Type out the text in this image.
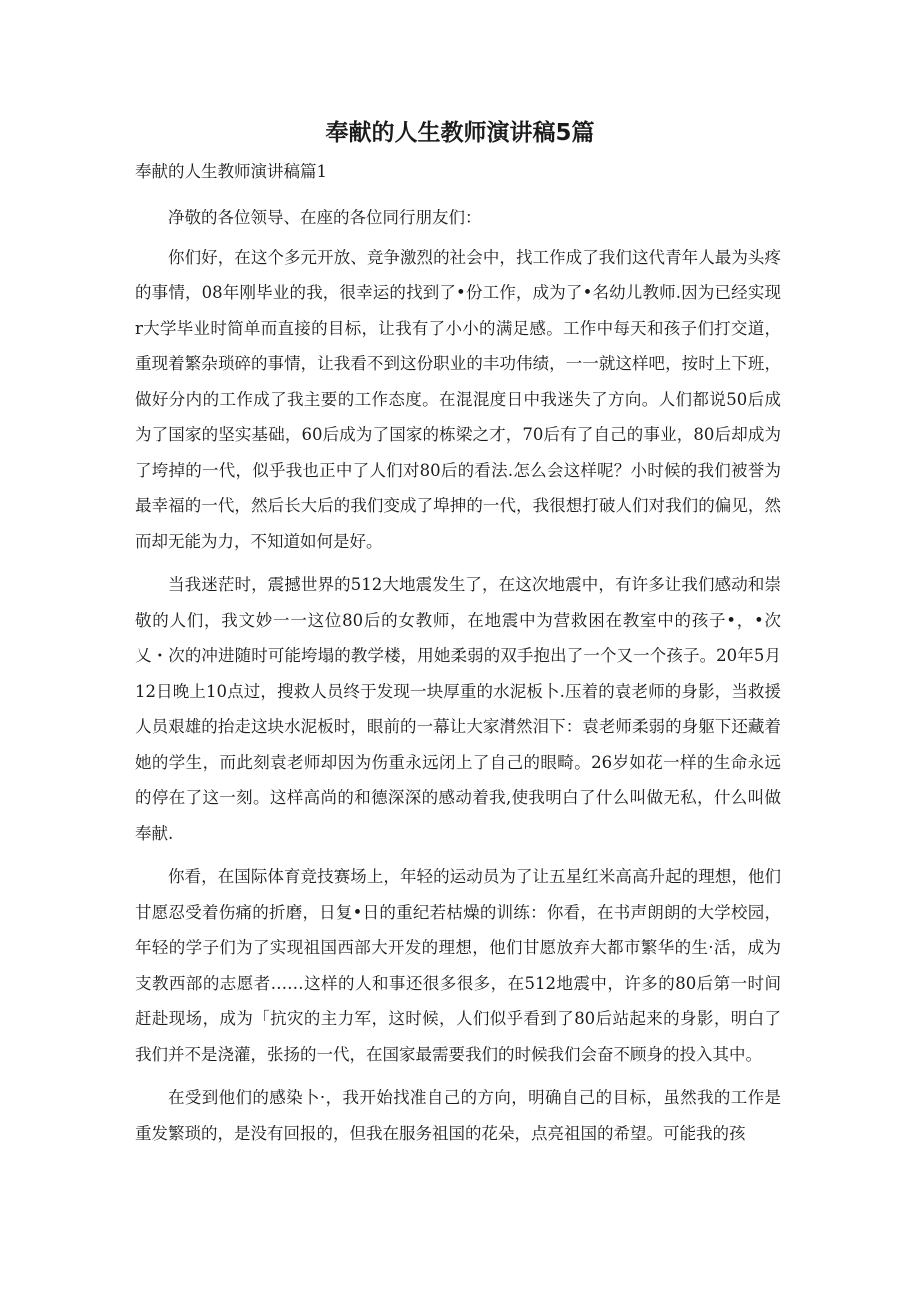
奉献的人生教师演讲稿5篇
奉献的人生教师演讲稿篇1

净敬的各位领导、在座的各位同行朋友们：

你们好，在这个多元开放、竞争激烈的社会中，找工作成了我们这代青年人最为头疼的事情，08年刚毕业的我，很幸运的找到了•份工作，成为了•名幼儿教师.因为已经实现r大学毕业时简单而直接的目标，让我有了小小的满足感。工作中每天和孩子们打交道，重现着繁杂琐碎的事情，让我看不到这份职业的丰功伟绩，一一就这样吧，按时上下班，做好分内的工作成了我主要的工作态度。在混混度日中我迷失了方向。人们都说50后成为了国家的坚实基础，60后成为了国家的栋梁之才，70后有了自己的事业，80后却成为了垮掉的一代，似乎我也正中了人们对80后的看法.怎么会这样呢？小时候的我们被誉为最幸福的一代，然后长大后的我们变成了埠抻的一代，我很想打破人们对我们的偏见，然而却无能为力，不知道如何是好。

当我迷茫时，震撼世界的512大地震发生了，在这次地震中，有许多让我们感动和崇敬的人们，我文妙一一这位80后的女教师，在地震中为营救困在教室中的孩子•，•次乂・次的冲进随时可能垮塌的教学楼，用她柔弱的双手抱出了一个又一个孩子。20年5月12日晚上10点过，搜救人员终于发现一块厚重的水泥板卜.压着的袁老师的身影，当救援人员艰雄的抬走这块水泥板时，眼前的一幕让大家潸然泪下：袁老师柔弱的身躯下还藏着她的学生，而此刻袁老师却因为伤重永远闭上了自己的眼畸。26岁如花一样的生命永远的停在了这一刻。这样高尚的和德深深的感动着我,使我明白了什么叫做无私，什么叫做奉献.

你看，在国际体育竞技赛场上，年轻的运动员为了让五星红米高高升起的理想，他们甘愿忍受着伤痛的折磨，日复•日的重纪若枯燥的训练：你看，在书声朗朗的大学校园，年轻的学子们为了实现祖国西部大开发的理想，他们甘愿放弃大都市繁华的生·活，成为支教西部的志愿者……这样的人和事还很多很多，在512地震中，许多的80后第一时间赶赴现场，成为「抗灾的主力军，这时候，人们似乎看到了80后站起来的身影，明白了我们并不是浇灌，张扬的一代，在国家最需要我们的时候我们会奋不顾身的投入其中。

在受到他们的感染卜·，我开始找准自己的方向，明确自己的目标，虽然我的工作是重发繁琐的，是没有回报的，但我在服务祖国的花朵，点亮祖国的希望。可能我的孩
